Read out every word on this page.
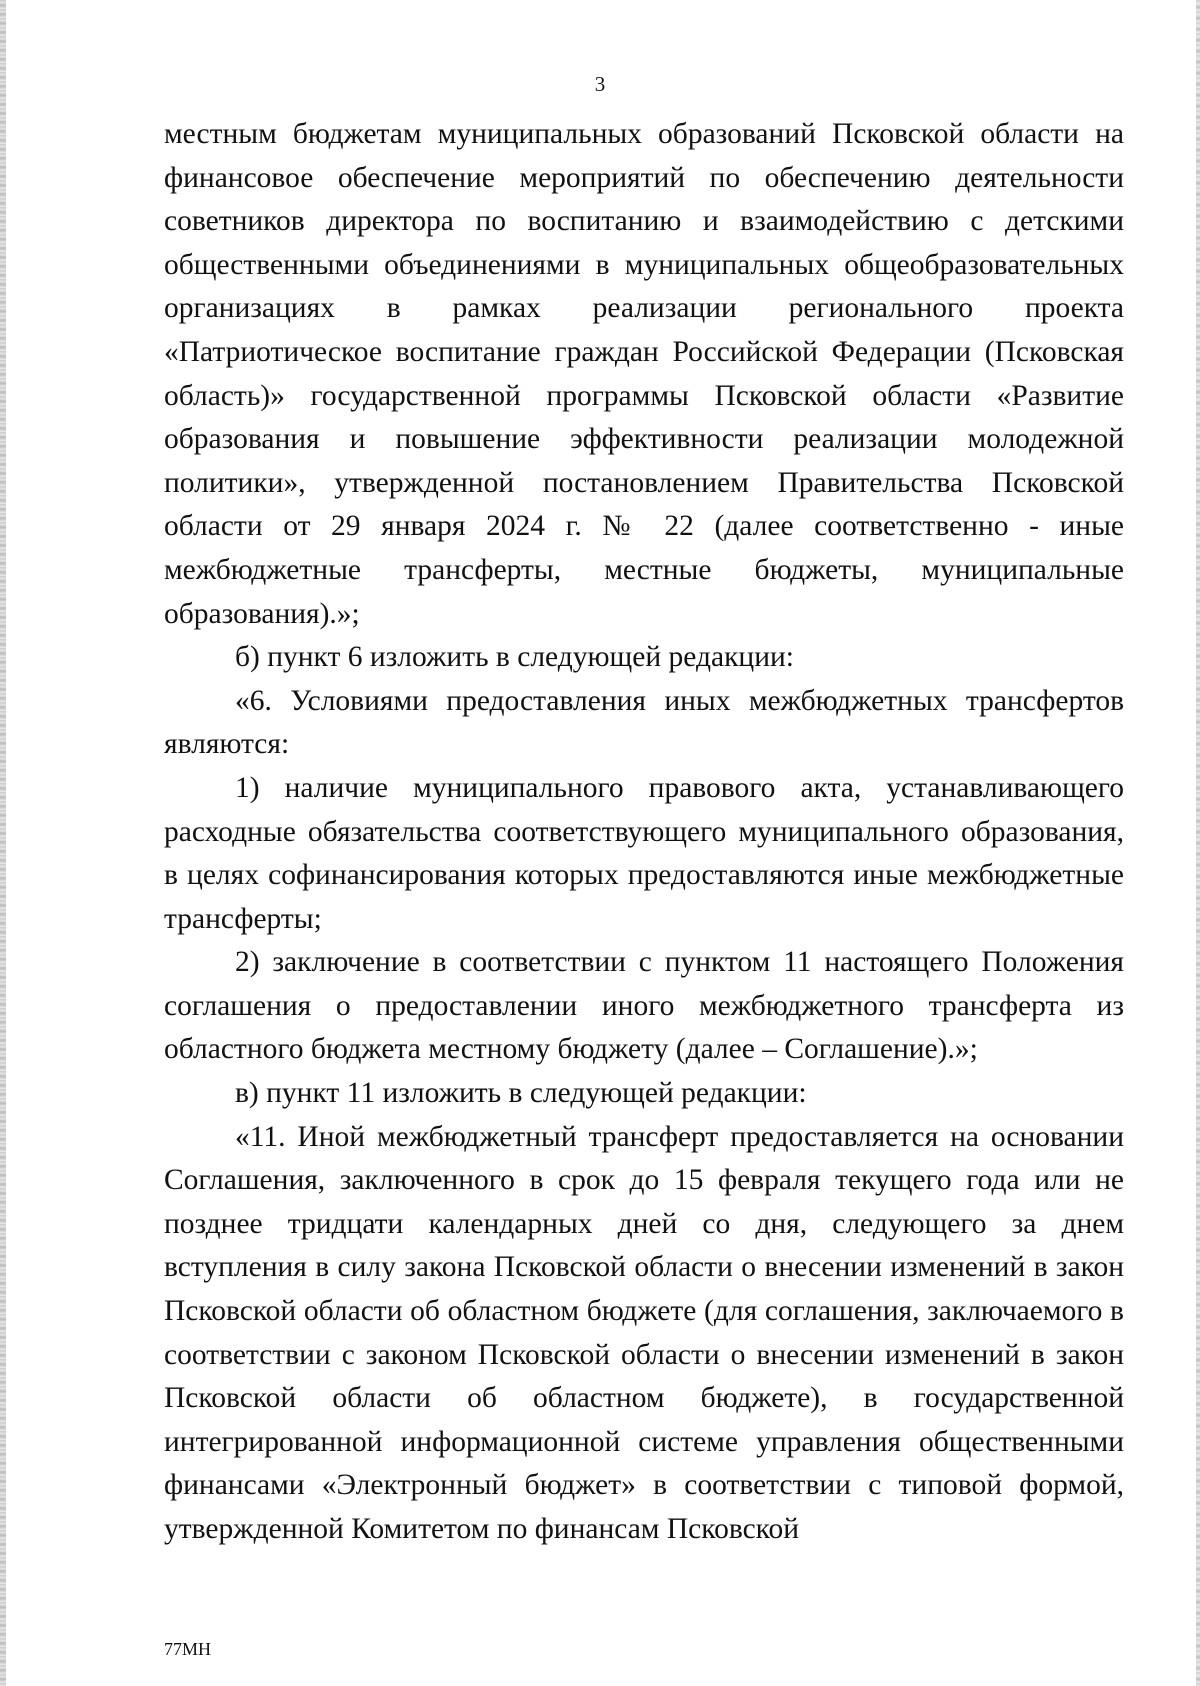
3

местным бюджетам муниципальных образований Псковской области на финансовое обеспечение мероприятий по обеспечению деятельности советников директора по воспитанию и взаимодействию с детскими общественными объединениями в муниципальных общеобразовательных организациях в рамках реализации регионального проекта «Патриотическое воспитание граждан Российской Федерации (Псковская область)» государственной программы Псковской области «Развитие образования и повышение эффективности реализации молодежной политики», утвержденной постановлением Правительства Псковской области от 29 января 2024 г. № 22 (далее соответственно - иные межбюджетные трансферты, местные бюджеты, муниципальные образования).»;

б) пункт 6 изложить в следующей редакции:

«6. Условиями предоставления иных межбюджетных трансфертов являются:

1) наличие муниципального правового акта, устанавливающего расходные обязательства соответствующего муниципального образования, в целях софинансирования которых предоставляются иные межбюджетные трансферты;

2) заключение в соответствии с пунктом 11 настоящего Положения соглашения о предоставлении иного межбюджетного трансферта из областного бюджета местному бюджету (далее – Соглашение).»;

в) пункт 11 изложить в следующей редакции:

«11. Иной межбюджетный трансферт предоставляется на основании Соглашения, заключенного в срок до 15 февраля текущего года или не позднее тридцати календарных дней со дня, следующего за днем вступления в силу закона Псковской области о внесении изменений в закон Псковской области об областном бюджете (для соглашения, заключаемого в соответствии с законом Псковской области о внесении изменений в закон Псковской области об областном бюджете), в государственной интегрированной информационной системе управления общественными финансами «Электронный бюджет» в соответствии с типовой формой, утвержденной Комитетом по финансам Псковской

77МН
